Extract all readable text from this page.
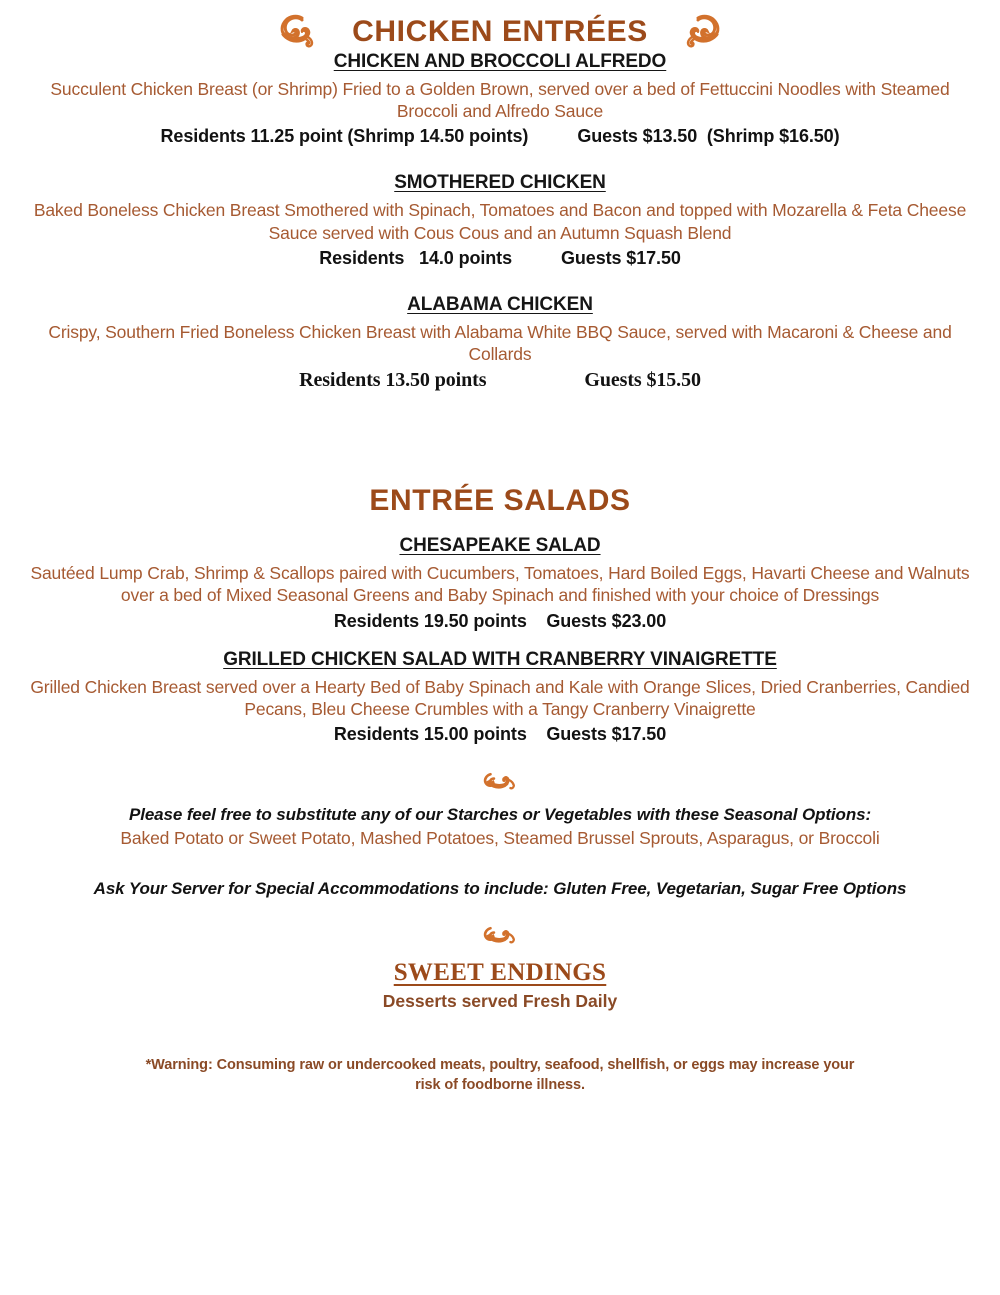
CHICKEN ENTRÉES
CHICKEN AND BROCCOLI ALFREDO
Succulent Chicken Breast (or Shrimp) Fried to a Golden Brown, served over a bed of Fettuccini Noodles with Steamed Broccoli and Alfredo Sauce
Residents 11.25 point (Shrimp 14.50 points)          Guests $13.50  (Shrimp $16.50)
SMOTHERED CHICKEN
Baked Boneless Chicken Breast Smothered with Spinach, Tomatoes and Bacon and topped with Mozarella & Feta Cheese Sauce served with Cous Cous and an Autumn Squash Blend
Residents   14.0 points          Guests $17.50
ALABAMA CHICKEN
Crispy, Southern Fried Boneless Chicken Breast with Alabama White BBQ Sauce, served with Macaroni & Cheese and Collards
Residents 13.50 points                    Guests $15.50
ENTRÉE SALADS
CHESAPEAKE SALAD
Sautéed Lump Crab, Shrimp & Scallops paired with Cucumbers, Tomatoes, Hard Boiled Eggs, Havarti Cheese and Walnuts over a bed of Mixed Seasonal Greens and Baby Spinach and finished with your choice of Dressings
Residents 19.50 points    Guests $23.00
GRILLED CHICKEN SALAD WITH CRANBERRY VINAIGRETTE
Grilled Chicken Breast served over a Hearty Bed of Baby Spinach and Kale with Orange Slices, Dried Cranberries, Candied Pecans, Bleu Cheese Crumbles with a Tangy Cranberry Vinaigrette
Residents 15.00 points    Guests $17.50
Please feel free to substitute any of our Starches or Vegetables with these Seasonal Options:
Baked Potato or Sweet Potato, Mashed Potatoes, Steamed Brussel Sprouts, Asparagus, or Broccoli
Ask Your Server for Special Accommodations to include: Gluten Free, Vegetarian, Sugar Free Options
SWEET ENDINGS
Desserts served Fresh Daily
*Warning: Consuming raw or undercooked meats, poultry, seafood, shellfish, or eggs may increase your risk of foodborne illness.
